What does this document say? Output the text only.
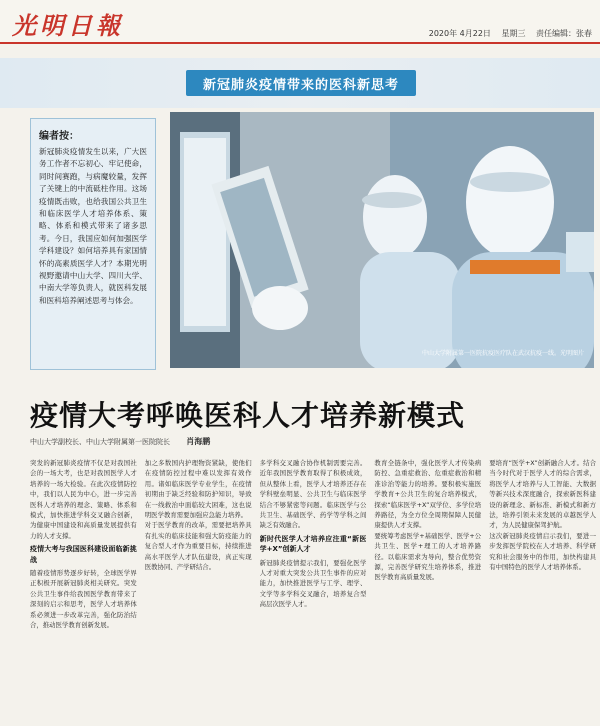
光明日報	2020年 4月22日 星期三 责任编辑：张春
新冠肺炎疫情带来的医科新思考
编者按：
新冠肺炎疫情发生以来，广大医务工作者不忘初心、牢记使命，同时间赛跑，与病魔较量，发挥了关键上的中流砥柱作用。这场疫情既击败，也给我国公共卫生和临床医学人才培养体系、策略、体系和模式带来了诸多思考。今日，我国应如何加强医学学科建设？如何培养具有家国情怀的高素质医学人才？本期光明视野邀请中山大学、四川大学、中南大学等负责人，就医科发展和医科培养阐述思考与体会。
中山大学附属第一医院抗疫医疗队在武汉抗疫一线。光明图片
疫情大考呼唤医科人才培养新模式
中山大学副校长、中山大学附属第一医院院长 肖海鹏

突发的新冠肺炎疫情不仅是对我国社会的一场大考，也是对我国医学人才培养的一场大检验。在此次疫情防控中，我们以人民为中心，进一步完善医科人才培养的理念、策略、体系和模式，加快推进学科交叉融合创新，为健康中国建设和高质量发展提供有力的人才支撑。

疫情大考与我国医科建设面临新挑战

随着疫情形势逐步好转，全球医学界正积极开展新冠肺炎相关研究。突发公共卫生事件给我国医学教育带来了深刻的启示和思考，医学人才培养体系必须进一步改革完善，强化防治结合，推动医学教育创新发展。

加之多数国内护理物资紧缺，使他们在疫情防控过程中难以发挥有效作用。诸如临床医学专业学生，在疫情初期由于缺乏经验和防护知识，导致在一线救治中面临较大困难，这也说明医学教育需要加强应急能力培养。

对于医学教育的改革，需要把培养具有扎实的临床技能和强大防疫能力的复合型人才作为重要目标，持续推进高水平医学人才队伍建设，真正实现医教协同、产学研结合。

多学科交叉融合协作机制需要完善。近年我国医学教育取得了积极成效，但从整体上看，医学人才培养还存在学科壁垒明显、公共卫生与临床医学结合不够紧密等问题。临床医学与公共卫生、基础医学、药学等学科之间缺乏有效融合。

新时代医学人才培养应注重“新医学+X”创新人才

新冠肺炎疫情提示我们，要强化医学人才对重大突发公共卫生事件的应对能力，加快推进医学与工学、理学、文学等多学科交叉融合，培养复合型高层次医学人才。

教育全链条中，强化医学人才传染病防控、急重症救治、危重症救治和精准诊治等能力的培养。要积极实施医学教育+公共卫生的复合培养模式，探索“临床医学+X”双学位、多学位培养路径，为全方位全周期保障人民健康提供人才支撑。

要统筹考虑医学+基础医学、医学+公共卫生、医学+理工的人才培养路径。以临床需求为导向，整合优势资源，完善医学研究生培养体系，推进医学教育高质量发展。

要培育“医学+X”创新融合人才。结合当今时代对于医学人才的综合需求，将医学人才培养与人工智能、大数据等新兴技术深度融合，探索新医科建设的新理念、新标准、新模式和新方法，培养引领未来发展的卓越医学人才，为人民健康保驾护航。

这次新冠肺炎疫情启示我们，要进一步发挥医学院校在人才培养、科学研究和社会服务中的作用，加快构建具有中国特色的医学人才培养体系。
